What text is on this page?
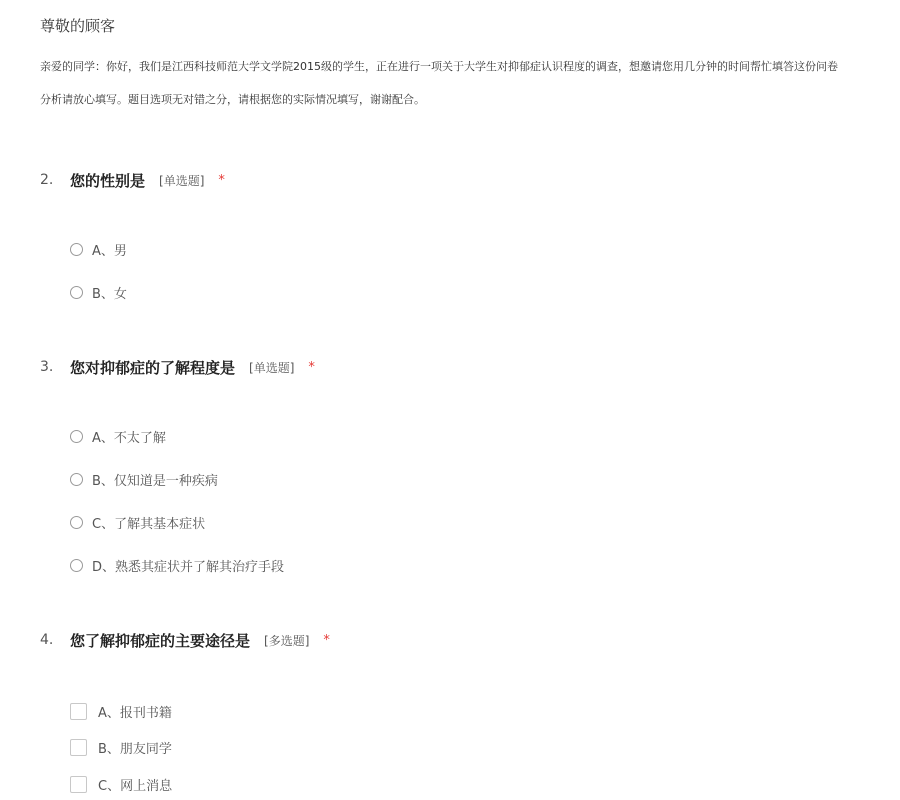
尊敬的顾客
亲爱的同学：你好，我们是江西科技师范大学文学院2015级的学生，正在进行一项关于大学生对抑郁症认识程度的调查，想邀请您用几分钟的时间帮忙填答这份问卷
分析请放心填写。题目选项无对错之分，请根据您的实际情况填写，谢谢配合。
2.	您的性别是 [单选题] *
A、男
B、女
3.	您对抑郁症的了解程度是 [单选题] *
A、不太了解
B、仅知道是一种疾病
C、了解其基本症状
D、熟悉其症状并了解其治疗手段
4.	您了解抑郁症的主要途径是 [多选题] *
A、报刊书籍
B、朋友同学
C、网上消息
